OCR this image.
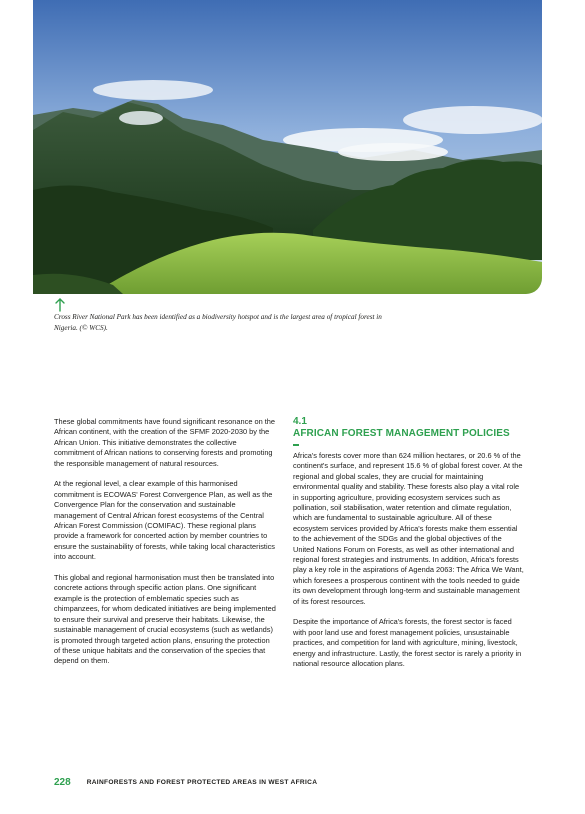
Cross River National Park has been identified as a biodiversity hotspot and is the largest area of tropical forest in Nigeria. (© WCS).

These global commitments have found significant resonance on the African continent, with the creation of the SFMF 2020-2030 by the African Union. This initiative demonstrates the collective commitment of African nations to conserving forests and promoting the responsible management of natural resources.

At the regional level, a clear example of this harmonised commitment is ECOWAS' Forest Convergence Plan, as well as the Convergence Plan for the conservation and sustainable management of Central African forest ecosystems of the Central African Forest Commission (COMIFAC). These regional plans provide a framework for concerted action by member countries to ensure the sustainability of forests, while taking local characteristics into account.

This global and regional harmonisation must then be translated into concrete actions through specific action plans. One significant example is the protection of emblematic species such as chimpanzees, for whom dedicated initiatives are being implemented to ensure their survival and preserve their habitats. Likewise, the sustainable management of crucial ecosystems (such as wetlands) is promoted through targeted action plans, ensuring the protection of these unique habitats and the conservation of the species that depend on them.

4.1
AFRICAN FOREST MANAGEMENT POLICIES

Africa's forests cover more than 624 million hectares, or 20.6 % of the continent's surface, and represent 15.6 % of global forest cover. At the regional and global scales, they are crucial for maintaining environmental quality and stability. These forests also play a vital role in supporting agriculture, providing ecosystem services such as pollination, soil stabilisation, water retention and climate regulation, which are fundamental to sustainable agriculture. All of these ecosystem services provided by Africa's forests make them essential to the achievement of the SDGs and the global objectives of the United Nations Forum on Forests, as well as other international and regional forest strategies and instruments. In addition, Africa's forests play a key role in the aspirations of Agenda 2063: The Africa We Want, which foresees a prosperous continent with the tools needed to guide its own development through long-term and sustainable management of its forest resources.

Despite the importance of Africa's forests, the forest sector is faced with poor land use and forest management policies, unsustainable practices, and competition for land with agriculture, mining, livestock, energy and infrastructure. Lastly, the forest sector is rarely a priority in national resource allocation plans.

228 RAINFORESTS AND FOREST PROTECTED AREAS IN WEST AFRICA
